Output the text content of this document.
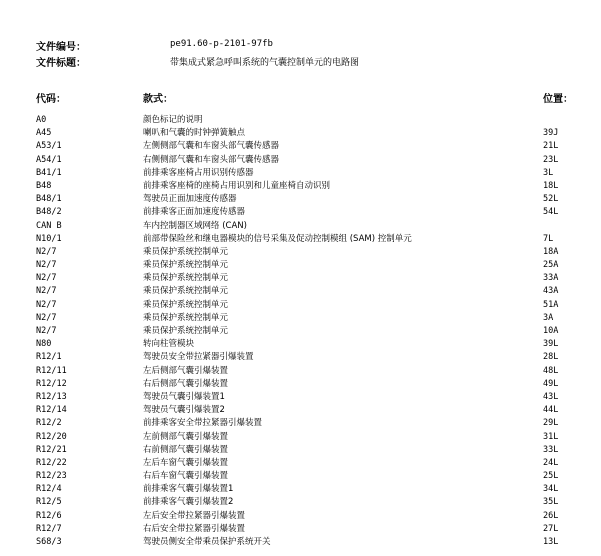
文件编号：	pe91.60-p-2101-97fb
文件标题：	带集成式紧急呼叫系统的气囊控制单元的电路图
代码：	款式：	位置：
A0	颜色标记的说明
A45	喇叭和气囊的时钟弹簧触点	39J
A53/1	左侧侧部气囊和车窗头部气囊传感器	21L
A54/1	右侧侧部气囊和车窗头部气囊传感器	23L
B41/1	前排乘客座椅占用识别传感器	3L
B48	前排乘客座椅的座椅占用识别和儿童座椅自动识别	18L
B48/1	驾驶员正面加速度传感器	52L
B48/2	前排乘客正面加速度传感器	54L
CAN B	车内控制器区域网络 (CAN)
N10/1	前部带保险丝和继电器模块的信号采集及促动控制模组 (SAM) 控制单元	7L
N2/7	乘员保护系统控制单元	18A
N2/7	乘员保护系统控制单元	25A
N2/7	乘员保护系统控制单元	33A
N2/7	乘员保护系统控制单元	43A
N2/7	乘员保护系统控制单元	51A
N2/7	乘员保护系统控制单元	3A
N2/7	乘员保护系统控制单元	10A
N80	转向柱管模块	39L
R12/1	驾驶员安全带拉紧器引爆装置	28L
R12/11	左后侧部气囊引爆装置	48L
R12/12	右后侧部气囊引爆装置	49L
R12/13	驾驶员气囊引爆装置1	43L
R12/14	驾驶员气囊引爆装置2	44L
R12/2	前排乘客安全带拉紧器引爆装置	29L
R12/20	左前侧部气囊引爆装置	31L
R12/21	右前侧部气囊引爆装置	33L
R12/22	左后车窗气囊引爆装置	24L
R12/23	右后车窗气囊引爆装置	25L
R12/4	前排乘客气囊引爆装置1	34L
R12/5	前排乘客气囊引爆装置2	35L
R12/6	左后安全带拉紧器引爆装置	26L
R12/7	右后安全带拉紧器引爆装置	27L
S68/3	驾驶员侧安全带乘员保护系统开关	13L
